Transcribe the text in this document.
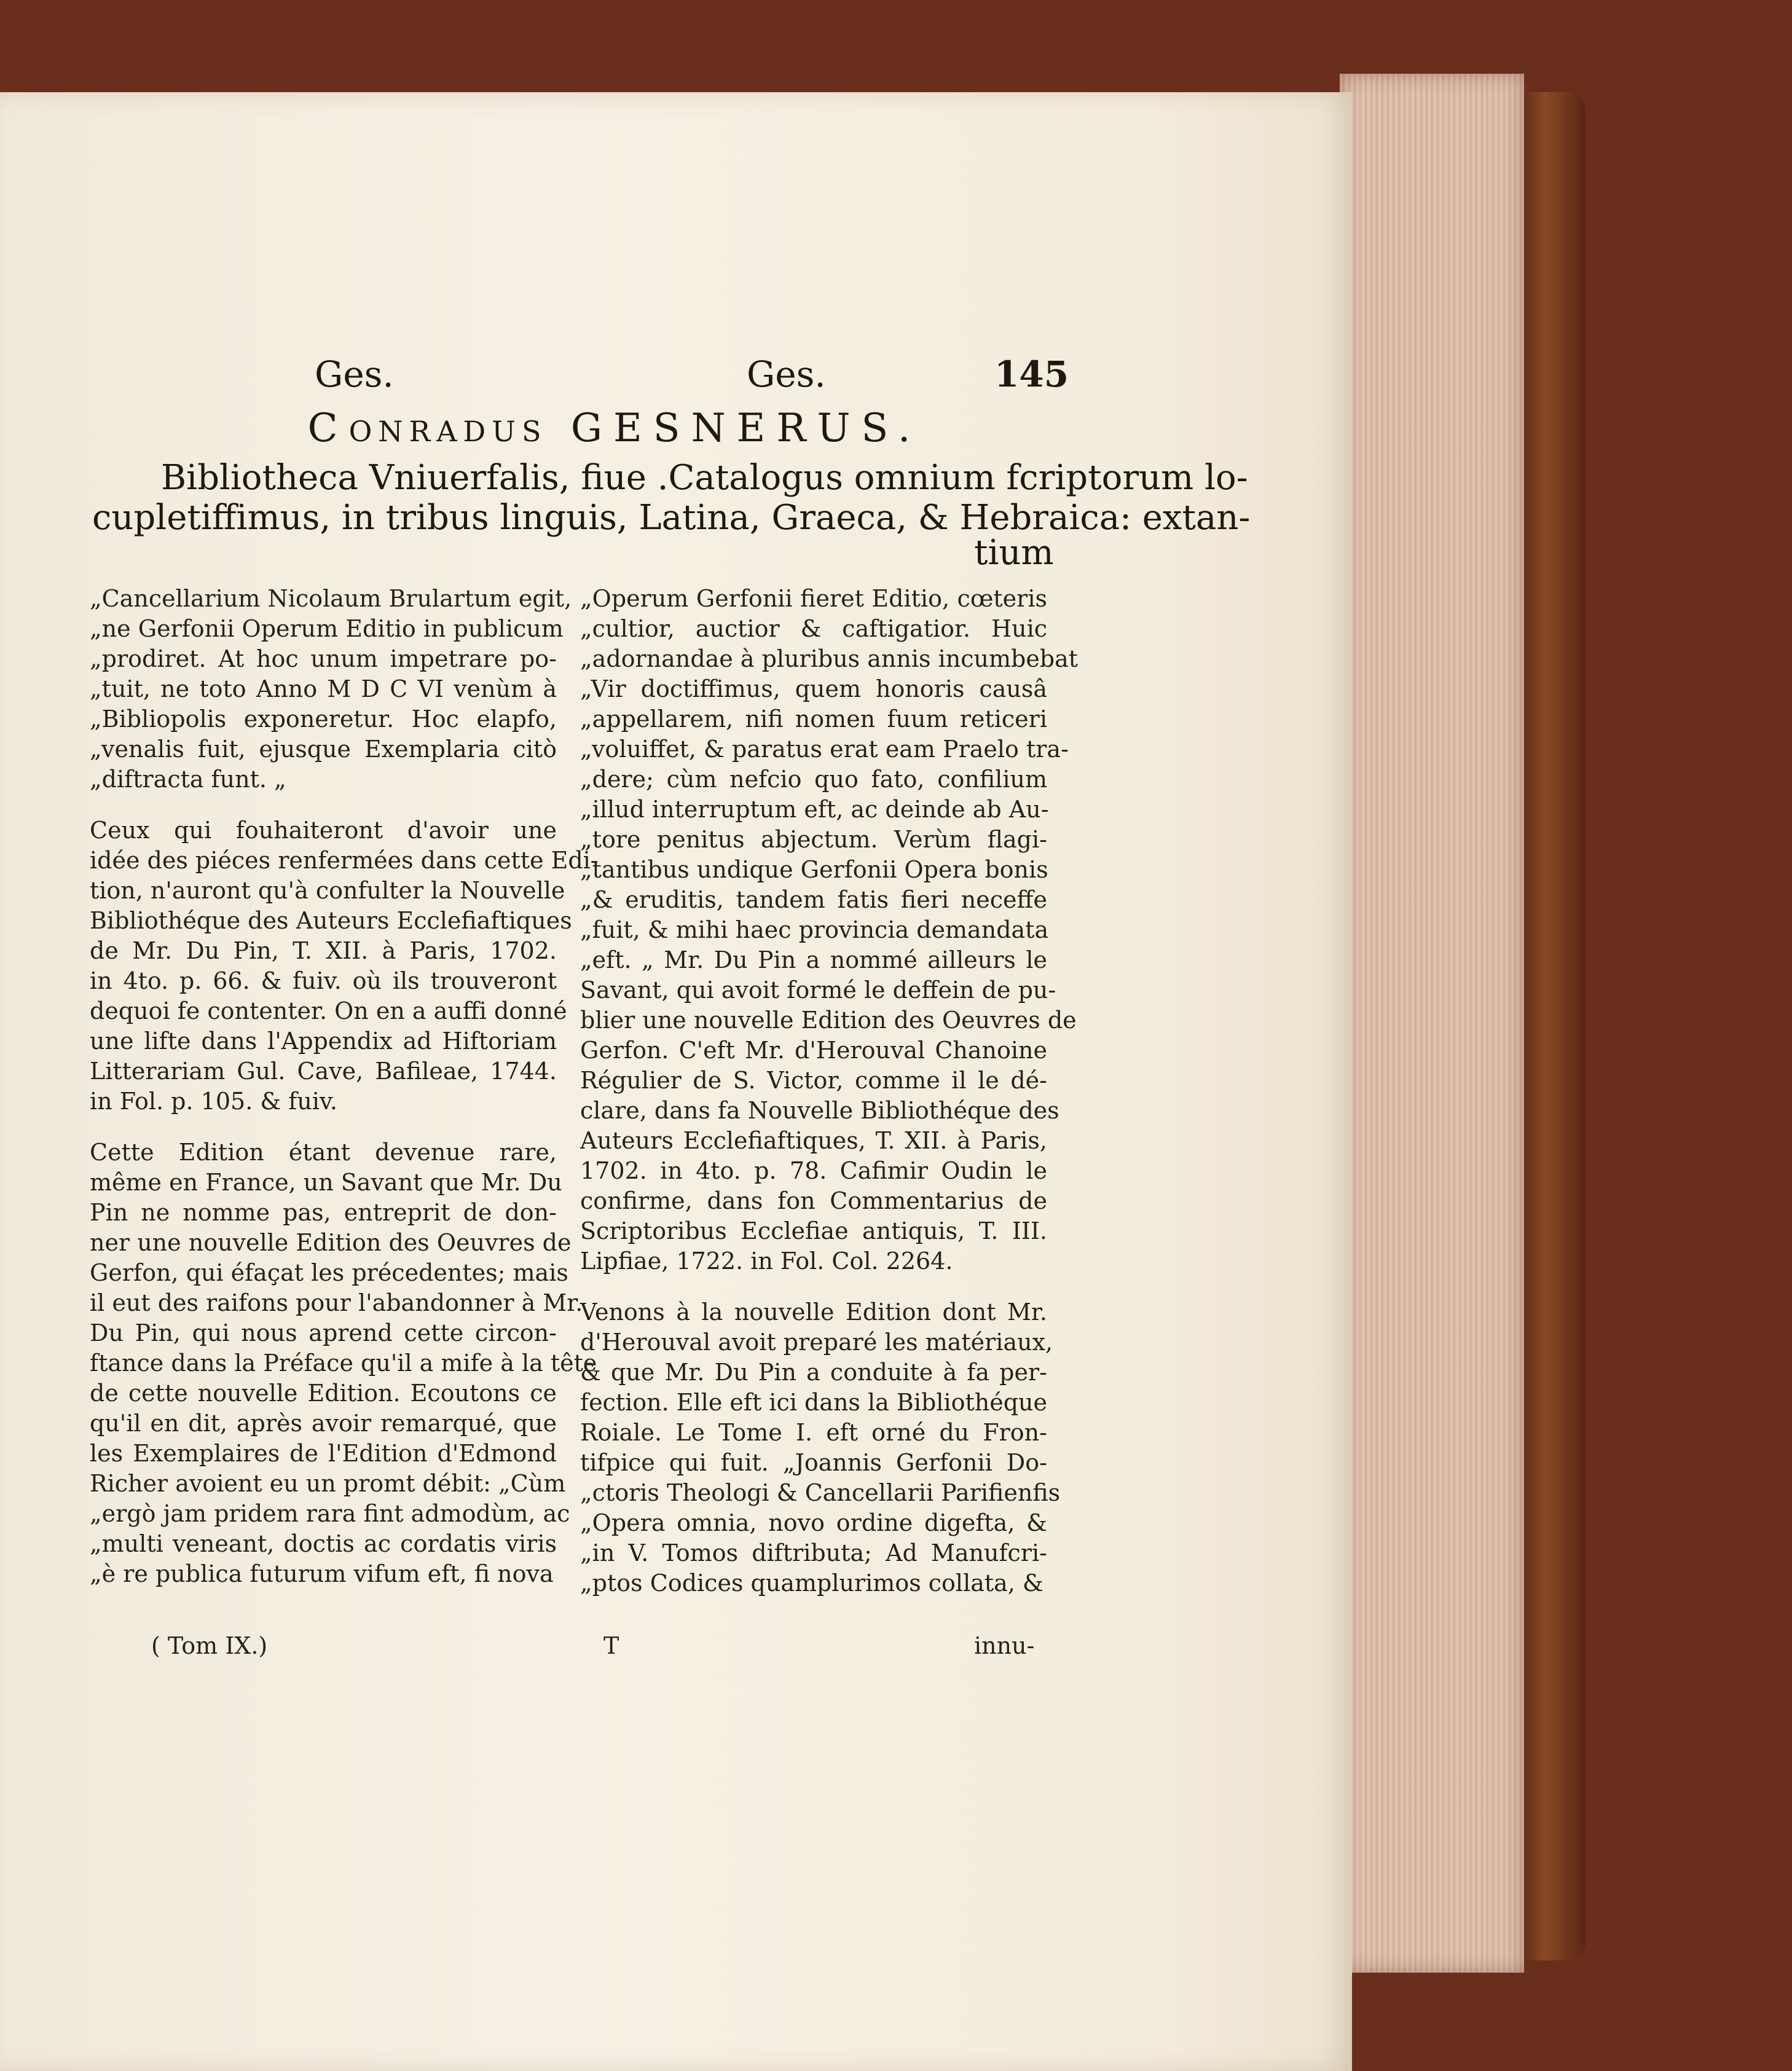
Ges.	Ges.	145
CONRADUS GESNERUS.
Bibliotheca Vniuerfalis, fiue .Catalogus omnium fcriptorum lo-
cupletiffimus, in tribus linguis, Latina, Graeca, & Hebraica: extan-
tium

„Cancellarium Nicolaum Brulartum egit,
„ne Gerfonii Operum Editio in publicum
„prodiret. At hoc unum impetrare po-
„tuit, ne toto Anno M D C VI venùm à
„Bibliopolis exponeretur. Hoc elapfo,
„venalis fuit, ejusque Exemplaria citò
„diftracta funt. „

Ceux qui fouhaiteront d'avoir une
idée des piéces renfermées dans cette Edi-
tion, n'auront qu'à confulter la Nouvelle
Bibliothéque des Auteurs Ecclefiaftiques
de Mr. Du Pin, T. XII. à Paris, 1702.
in 4to. p. 66. & fuiv. où ils trouveront
dequoi fe contenter. On en a auffi donné
une lifte dans l'Appendix ad Hiftoriam
Litterariam Gul. Cave, Bafileae, 1744.
in Fol. p. 105. & fuiv.

Cette Edition étant devenue rare,
même en France, un Savant que Mr. Du
Pin ne nomme pas, entreprit de don-
ner une nouvelle Edition des Oeuvres de
Gerfon, qui éfaçat les précedentes; mais
il eut des raifons pour l'abandonner à Mr.
Du Pin, qui nous aprend cette circon-
ftance dans la Préface qu'il a mife à la tête
de cette nouvelle Edition. Ecoutons ce
qu'il en dit, après avoir remarqué, que
les Exemplaires de l'Edition d'Edmond
Richer avoient eu un promt débit: „Cùm
„ergò jam pridem rara fint admodùm, ac
„multi veneant, doctis ac cordatis viris
„è re publica futurum vifum eft, fi nova

„Operum Gerfonii fieret Editio, cœteris
„cultior, auctior & caftigatior. Huic
„adornandae à pluribus annis incumbebat
„Vir doctiffimus, quem honoris causâ
„appellarem, nifi nomen fuum reticeri
„voluiffet, & paratus erat eam Praelo tra-
„dere; cùm nefcio quo fato, confilium
„illud interruptum eft, ac deinde ab Au-
„tore penitus abjectum. Verùm flagi-
„tantibus undique Gerfonii Opera bonis
„& eruditis, tandem fatis fieri neceffe
„fuit, & mihi haec provincia demandata
„eft. „ Mr. Du Pin a nommé ailleurs le
Savant, qui avoit formé le deffein de pu-
blier une nouvelle Edition des Oeuvres de
Gerfon. C'eft Mr. d'Herouval Chanoine
Régulier de S. Victor, comme il le dé-
clare, dans fa Nouvelle Bibliothéque des
Auteurs Ecclefiaftiques, T. XII. à Paris,
1702. in 4to. p. 78. Cafimir Oudin le
confirme, dans fon Commentarius de
Scriptoribus Ecclefiae antiquis, T. III.
Lipfiae, 1722. in Fol. Col. 2264.

Venons à la nouvelle Edition dont Mr.
d'Herouval avoit preparé les matériaux,
& que Mr. Du Pin a conduite à fa per-
fection. Elle eft ici dans la Bibliothéque
Roiale. Le Tome I. eft orné du Fron-
tifpice qui fuit. „Joannis Gerfonii Do-
„ctoris Theologi & Cancellarii Parifienfis
„Opera omnia, novo ordine digefta, &
„in V. Tomos diftributa; Ad Manufcri-
„ptos Codices quamplurimos collata, &

( Tom IX.)	T	innu-
